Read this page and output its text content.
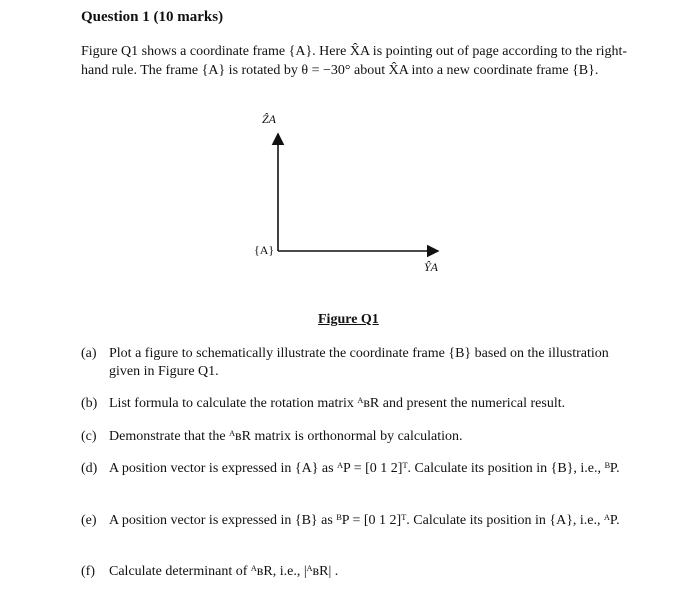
Question 1 (10 marks)
Figure Q1 shows a coordinate frame {A}. Here X̂A is pointing out of page according to the right-
hand rule. The frame {A} is rotated by θ = −30° about X̂A into a new coordinate frame {B}.
ẐA
ŶA
{A}
Figure Q1
(a) Plot a figure to schematically illustrate the coordinate frame {B} based on the illustration given in Figure Q1.
(b) List formula to calculate the rotation matrix ᴬʙR and present the numerical result.
(c) Demonstrate that the ᴬʙR matrix is orthonormal by calculation.
(d) A position vector is expressed in {A} as ᴬP = [0 1 2]ᵀ. Calculate its position in {B}, i.e., ᴮP.
(e) A position vector is expressed in {B} as ᴮP = [0 1 2]ᵀ. Calculate its position in {A}, i.e., ᴬP.
(f)	Calculate determinant of ᴬʙR, i.e., |ᴬʙR| .
